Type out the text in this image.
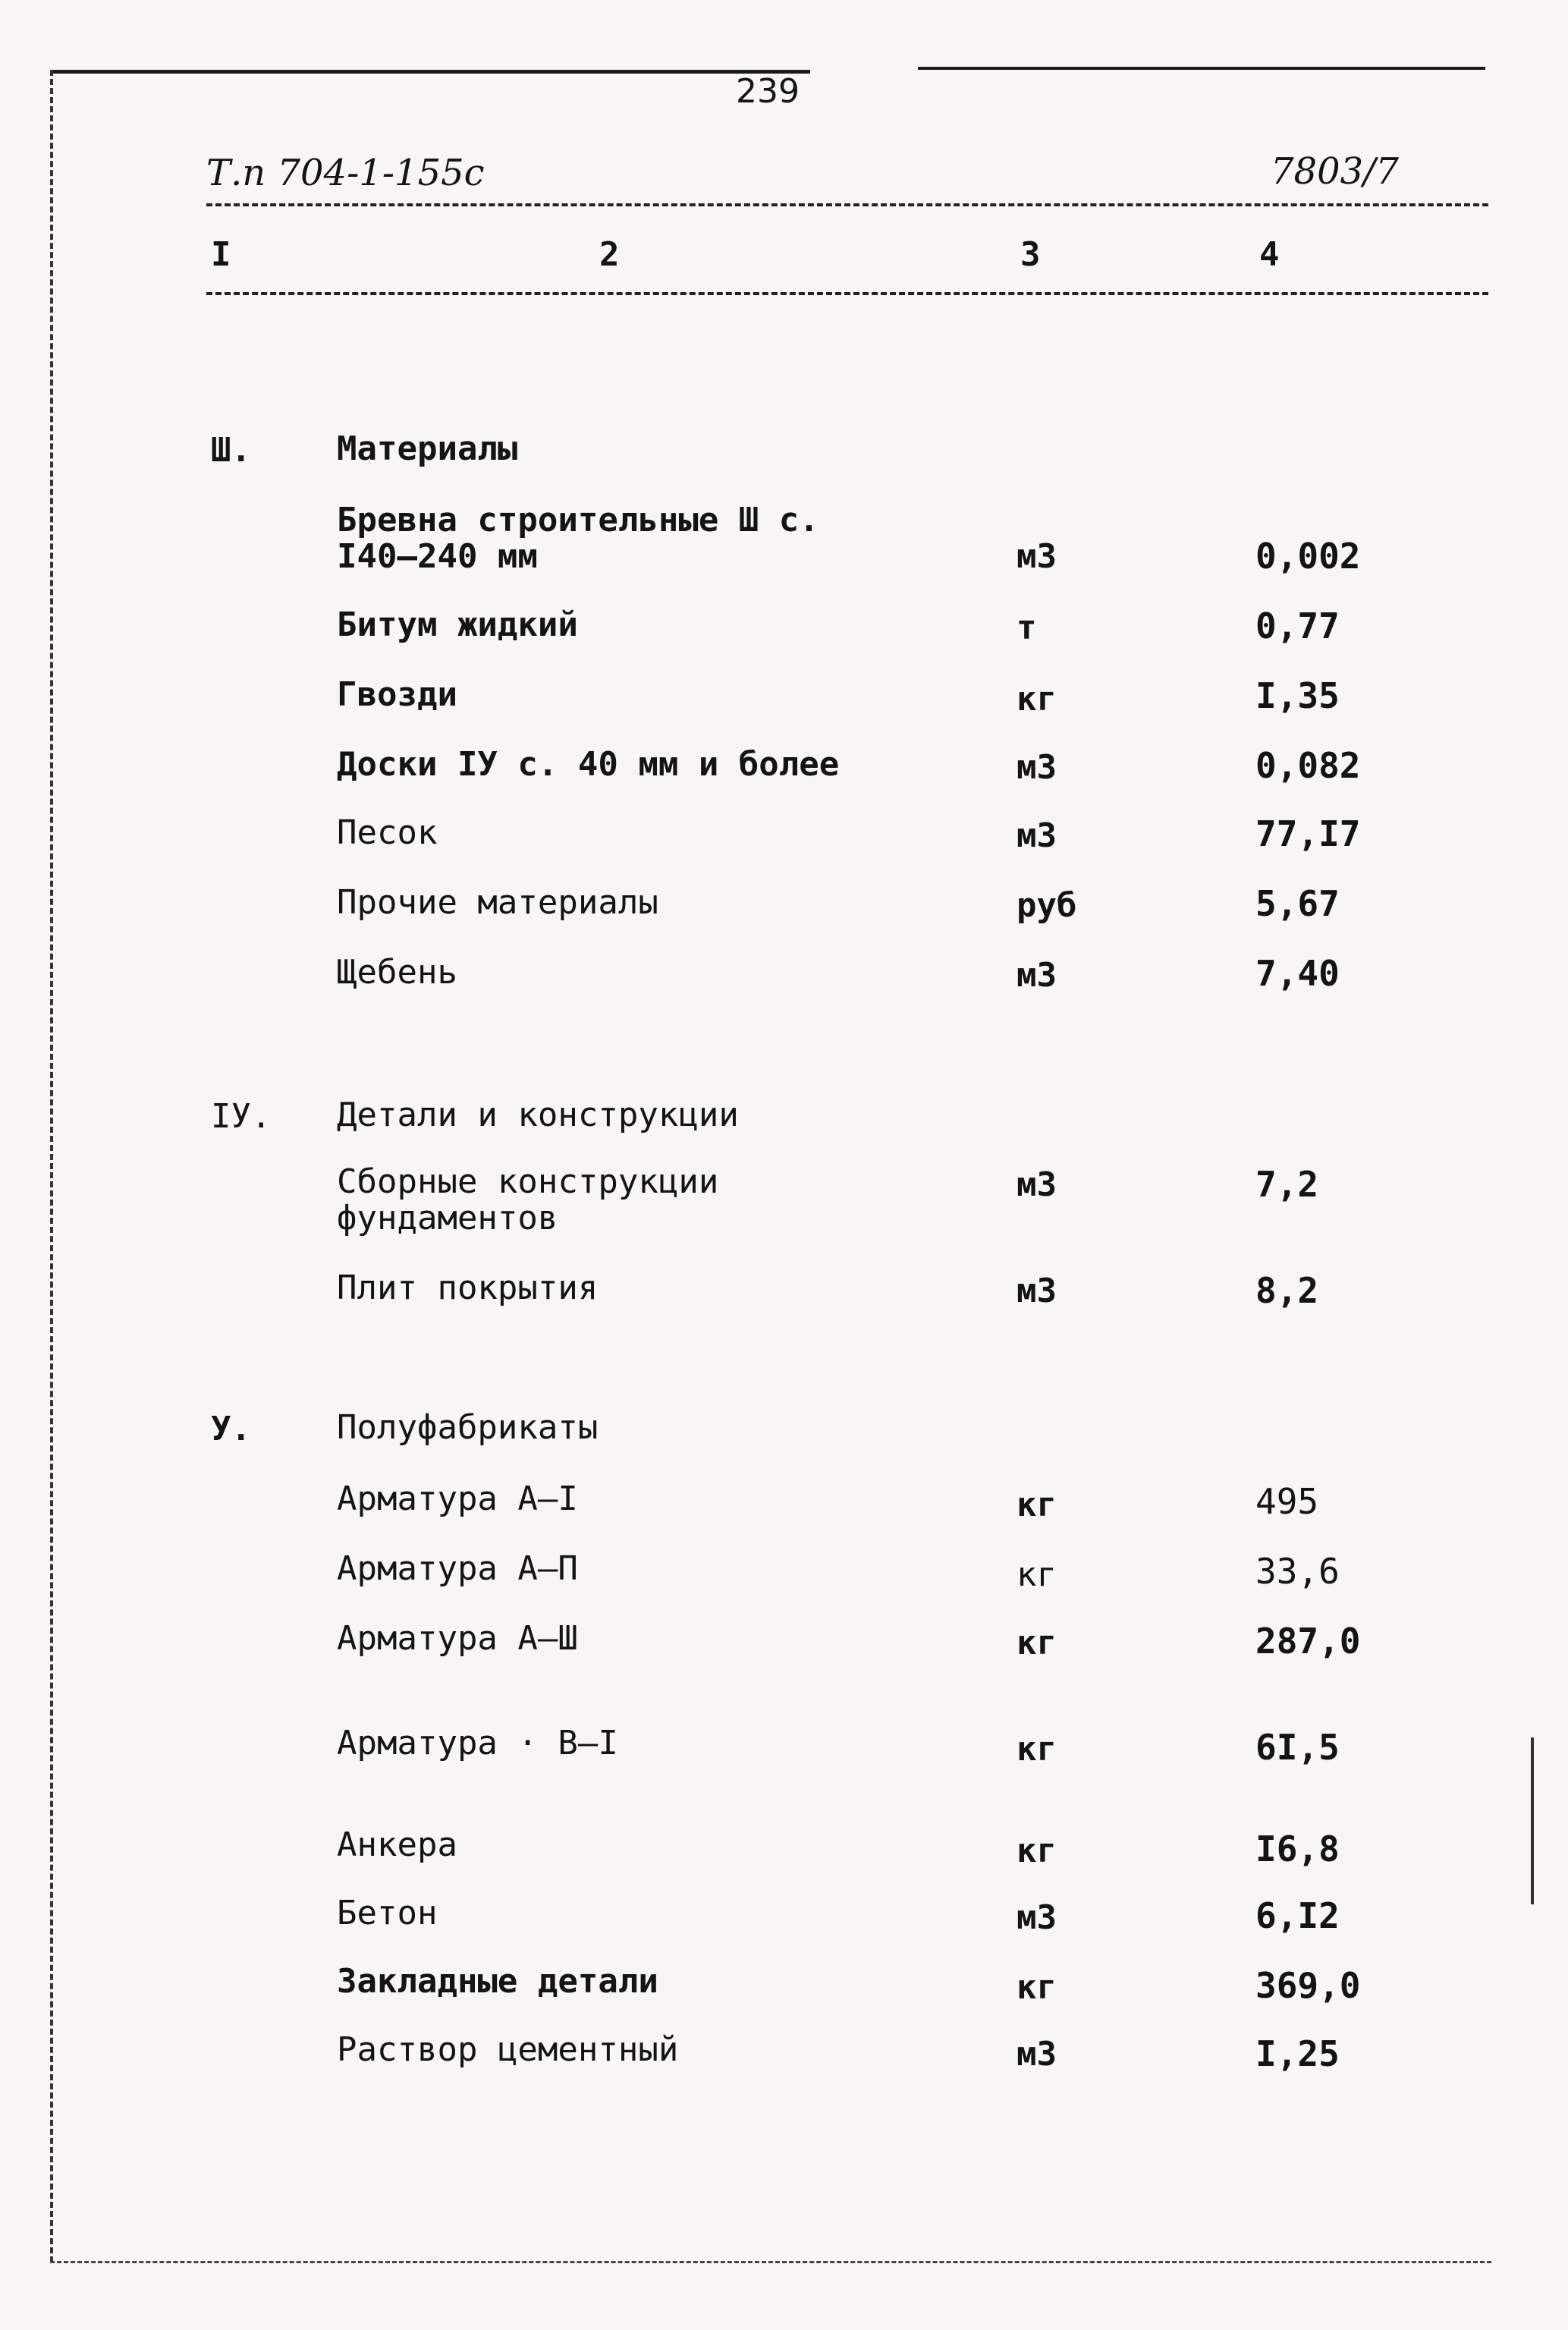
239
Т.п 704-1-155с	7803/7
I	2	3	4
Ш.	Материалы
Бревна строительные Ш с.
I40–240 мм	м3	0,002
Битум жидкий	т	0,77
Гвозди	кг	I,35
Доски IУ с. 40 мм и более	м3	0,082
Песок	м3	77,I7
Прочие материалы	руб	5,67
Щебень	м3	7,40
IУ. Детали и конструкции
Сборные конструкции
фундаментов
м3	7,2
Плит покрытия	м3	8,2
У.	Полуфабрикаты
Арматура А–I	кг	495
Арматура А–П	кг	33,6
Арматура А–Ш	кг	287,0
Арматура · В–I	кг	6I,5
Анкера	кг	I6,8
Бетон	м3	6,I2
Закладные детали	кг	369,0
Раствор цементный	м3	I,25
